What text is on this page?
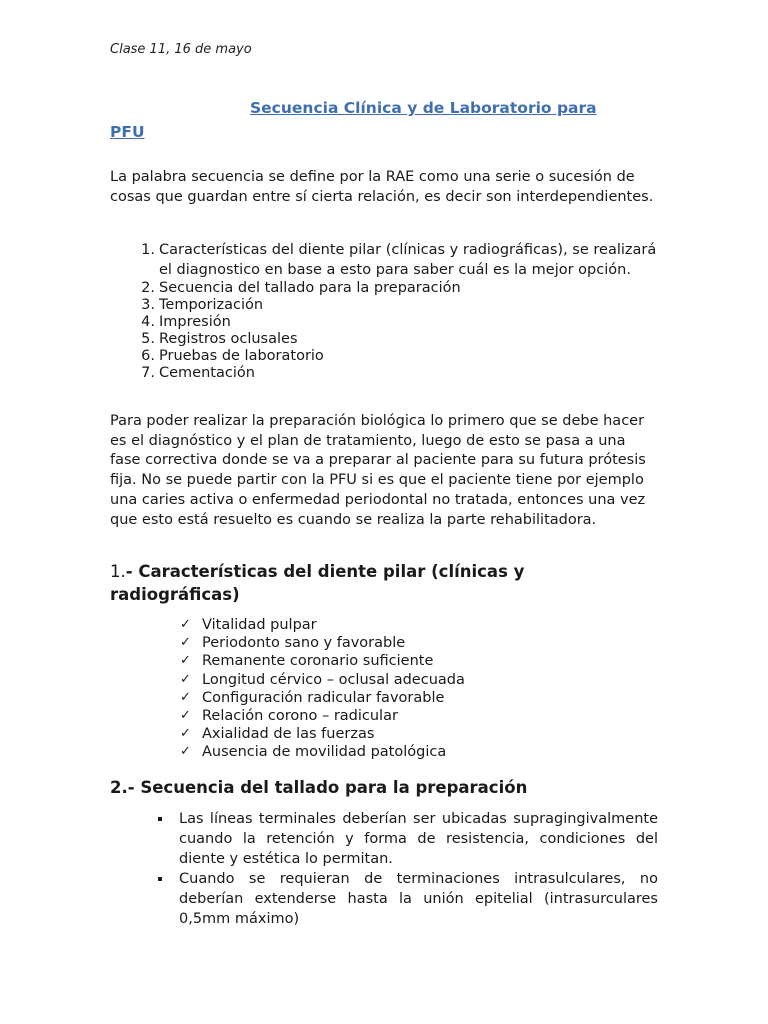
Clase 11, 16 de mayo
Secuencia Clínica y de Laboratorio para
PFU

La palabra secuencia se define por la RAE como una serie o sucesión de cosas que guardan entre sí cierta relación, es decir son interdependientes.

1. Características del diente pilar (clínicas y radiográficas), se realizará el diagnostico en base a esto para saber cuál es la mejor opción.
2. Secuencia del tallado para la preparación
3. Temporización
4. Impresión
5. Registros oclusales
6. Pruebas de laboratorio
7. Cementación

Para poder realizar la preparación biológica lo primero que se debe hacer es el diagnóstico y el plan de tratamiento, luego de esto se pasa a una fase correctiva donde se va a preparar al paciente para su futura prótesis fija. No se puede partir con la PFU si es que el paciente tiene por ejemplo una caries activa o enfermedad periodontal no tratada, entonces una vez que esto está resuelto es cuando se realiza la parte rehabilitadora.

1.- Características del diente pilar (clínicas y radiográficas)
✓ Vitalidad pulpar
✓ Periodonto sano y favorable
✓ Remanente coronario suficiente
✓ Longitud cérvico – oclusal adecuada
✓ Configuración radicular favorable
✓ Relación corono – radicular
✓ Axialidad de las fuerzas
✓ Ausencia de movilidad patológica
2.- Secuencia del tallado para la preparación
Las líneas terminales deberían ser ubicadas supragingivalmente cuando la retención y forma de resistencia, condiciones del diente y estética lo permitan.
Cuando se requieran de terminaciones intrasulculares, no deberían extenderse hasta la unión epitelial (intrasurculares 0,5mm máximo)
